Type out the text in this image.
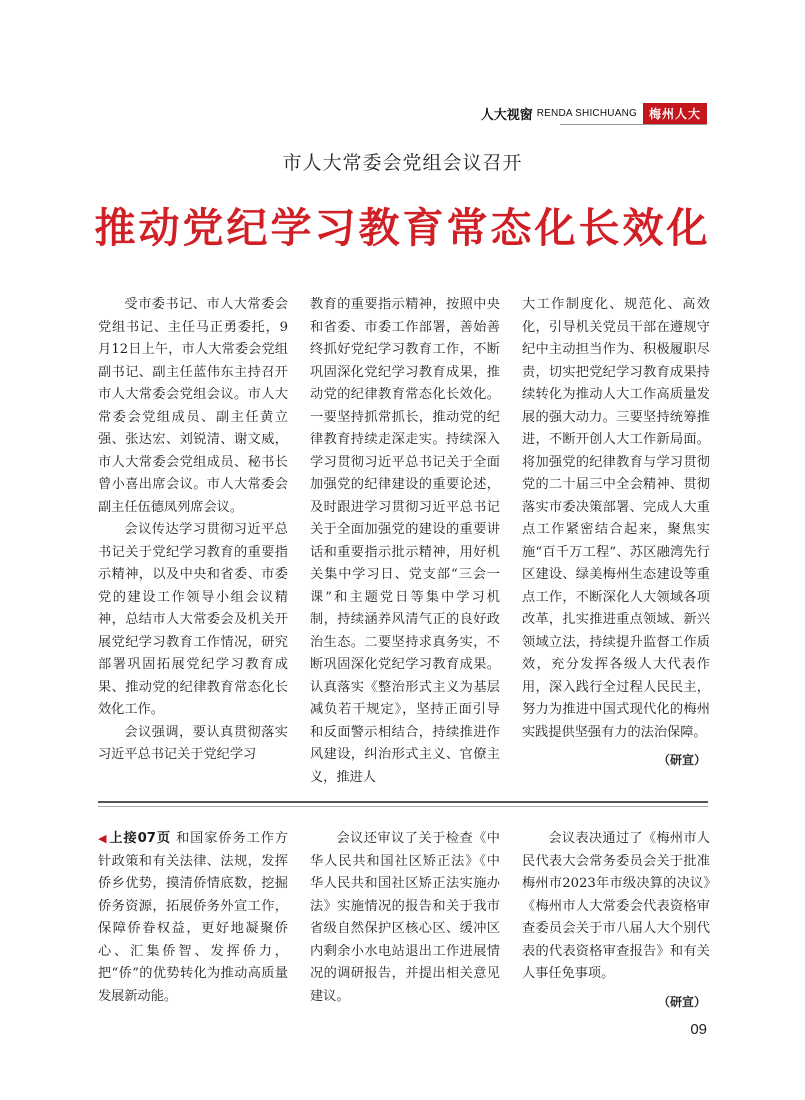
人大视窗 RENDA SHICHUANG	梅州人大
市人大常委会党组会议召开
推动党纪学习教育常态化长效化

受市委书记、市人大常委会党组书记、主任马正勇委托，9月12日上午，市人大常委会党组副书记、副主任蓝伟东主持召开市人大常委会党组会议。市人大常委会党组成员、副主任黄立强、张达宏、刘锐清、谢文威，市人大常委会党组成员、秘书长曾小喜出席会议。市人大常委会副主任伍德凤列席会议。

会议传达学习贯彻习近平总书记关于党纪学习教育的重要指示精神，以及中央和省委、市委党的建设工作领导小组会议精神，总结市人大常委会及机关开展党纪学习教育工作情况，研究部署巩固拓展党纪学习教育成果、推动党的纪律教育常态化长效化工作。

会议强调，要认真贯彻落实习近平总书记关于党纪学习

教育的重要指示精神，按照中央和省委、市委工作部署，善始善终抓好党纪学习教育工作，不断巩固深化党纪学习教育成果，推动党的纪律教育常态化长效化。一要坚持抓常抓长，推动党的纪律教育持续走深走实。持续深入学习贯彻习近平总书记关于全面加强党的纪律建设的重要论述，及时跟进学习贯彻习近平总书记关于全面加强党的建设的重要讲话和重要指示批示精神，用好机关集中学习日、党支部“三会一课”和主题党日等集中学习机制，持续涵养风清气正的良好政治生态。二要坚持求真务实，不断巩固深化党纪学习教育成果。认真落实《整治形式主义为基层减负若干规定》，坚持正面引导和反面警示相结合，持续推进作风建设，纠治形式主义、官僚主义，推进人

大工作制度化、规范化、高效化，引导机关党员干部在遵规守纪中主动担当作为、积极履职尽责，切实把党纪学习教育成果持续转化为推动人大工作高质量发展的强大动力。三要坚持统筹推进，不断开创人大工作新局面。将加强党的纪律教育与学习贯彻党的二十届三中全会精神、贯彻落实市委决策部署、完成人大重点工作紧密结合起来，聚焦实施“百千万工程”、苏区融湾先行区建设、绿美梅州生态建设等重点工作，不断深化人大领域各项改革，扎实推进重点领域、新兴领域立法，持续提升监督工作质效，充分发挥各级人大代表作用，深入践行全过程人民民主，努力为推进中国式现代化的梅州实践提供坚强有力的法治保障。

（研宣）

◀ 上接07页 和国家侨务工作方针政策和有关法律、法规，发挥侨乡优势，摸清侨情底数，挖掘侨务资源，拓展侨务外宣工作，保障侨眷权益，更好地凝聚侨心、汇集侨智、发挥侨力，把“侨”的优势转化为推动高质量发展新动能。

会议还审议了关于检查《中华人民共和国社区矫正法》《中华人民共和国社区矫正法实施办法》实施情况的报告和关于我市省级自然保护区核心区、缓冲区内剩余小水电站退出工作进展情况的调研报告，并提出相关意见建议。

会议表决通过了《梅州市人民代表大会常务委员会关于批准梅州市2023年市级决算的决议》《梅州市人大常委会代表资格审查委员会关于市八届人大个别代表的代表资格审查报告》和有关人事任免事项。

（研宣）
09
